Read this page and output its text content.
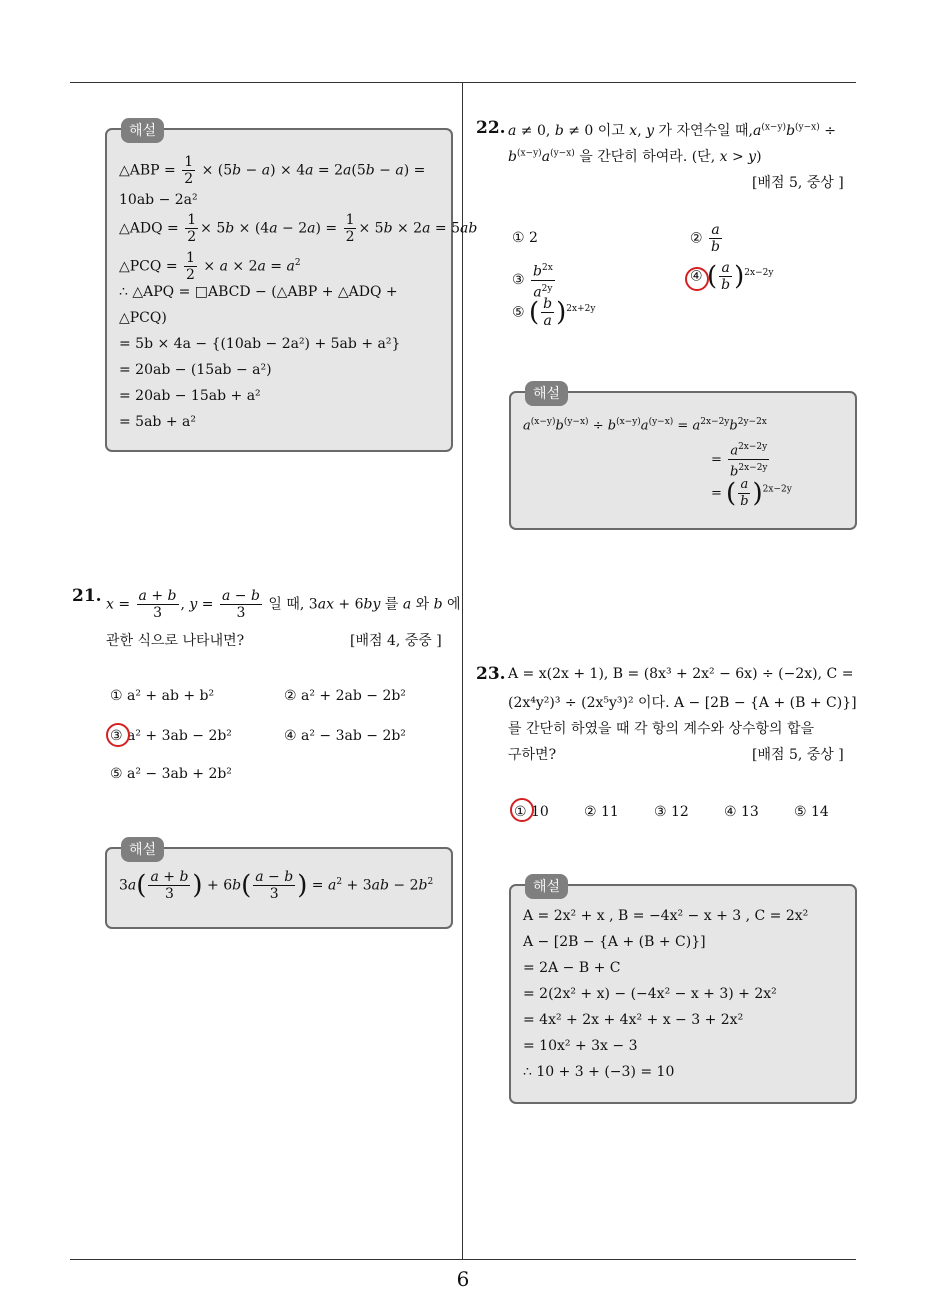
해설
△ABP = $\frac{1}{2} \times (5b - a) \times 4a = 2a(5b - a)$ =
10ab − 2a²
△ADQ = $\frac{1}{2} \times 5b \times (4a - 2a) = \frac{1}{2} \times 5b \times 2a = 5ab$
△PCQ = $\frac{1}{2} \times a \times 2a = a^2$
∴ △APQ = □ABCD − (△ABP + △ADQ +
△PCQ)
= 5b × 4a − {(10ab − 2a²) + 5ab + a²}
= 20ab − (15ab − a²)
= 20ab − 15ab + a²
= 5ab + a²
21. $x = \frac{a + b}{3}$ , $y = \frac{a - b}{3}$ 일 때, 3ax + 6by 를 a 와 b 에
관한 식으로 나타내면?	[배점 4, 중중 ]
① a² + ab + b²	② a² + 2ab − 2b²
③ a² + 3ab − 2b²	④ a² − 3ab − 2b²
⑤ a² − 3ab + 2b²
해설
$3a( \frac{a + b}{3}$ ) + $6b( \frac{a - b}{3}$ ) = $a^2 + 3ab - 2b^2$
22. a ≠ 0, b ≠ 0 이고 x, y 가 자연수일 때$,a^{(x-y)}b^{(y-x)}$ ÷
$b^{(x-y)}a^{(y-x)}$ 을 간단히 하여라. (단, x > y)
[배점 5, 중상 ]
① 2	② $\frac{a}{b}$
③ $\frac{b^{2x}}{a^{2y}}$	④ ( $\frac{a}{b} )^{2x-2y}$
⑤ ( $\frac{b}{a} )^{2x+2y}$
해설
$a^{(x-y)}b^{(y-x)} \div b^{(x-y)}a^{(y-x)} = a^{2x-2y}b^{2y-2x}$
= $\frac{a^{2x-2y}}{b^{2x-2y}}$
= ( $\frac{a}{b} )^{2x-2y}$
23. A = x(2x + 1), B = (8x³ + 2x² − 6x) ÷ (−2x), C =
(2x⁴y²)³ ÷ (2x⁵y³)² 이다. A − [2B − {A + (B + C)}]
를 간단히 하였을 때 각 항의 계수와 상수항의 합을
구하면?	[배점 5, 중상 ]
① 10	② 11	③ 12	④ 13	⑤ 14
해설
A = 2x² + x , B = −4x² − x + 3 , C = 2x²
A − [2B − {A + (B + C)}]
= 2A − B + C
= 2(2x² + x) − (−4x² − x + 3) + 2x²
= 4x² + 2x + 4x² + x − 3 + 2x²
= 10x² + 3x − 3
∴ 10 + 3 + (−3) = 10
6
